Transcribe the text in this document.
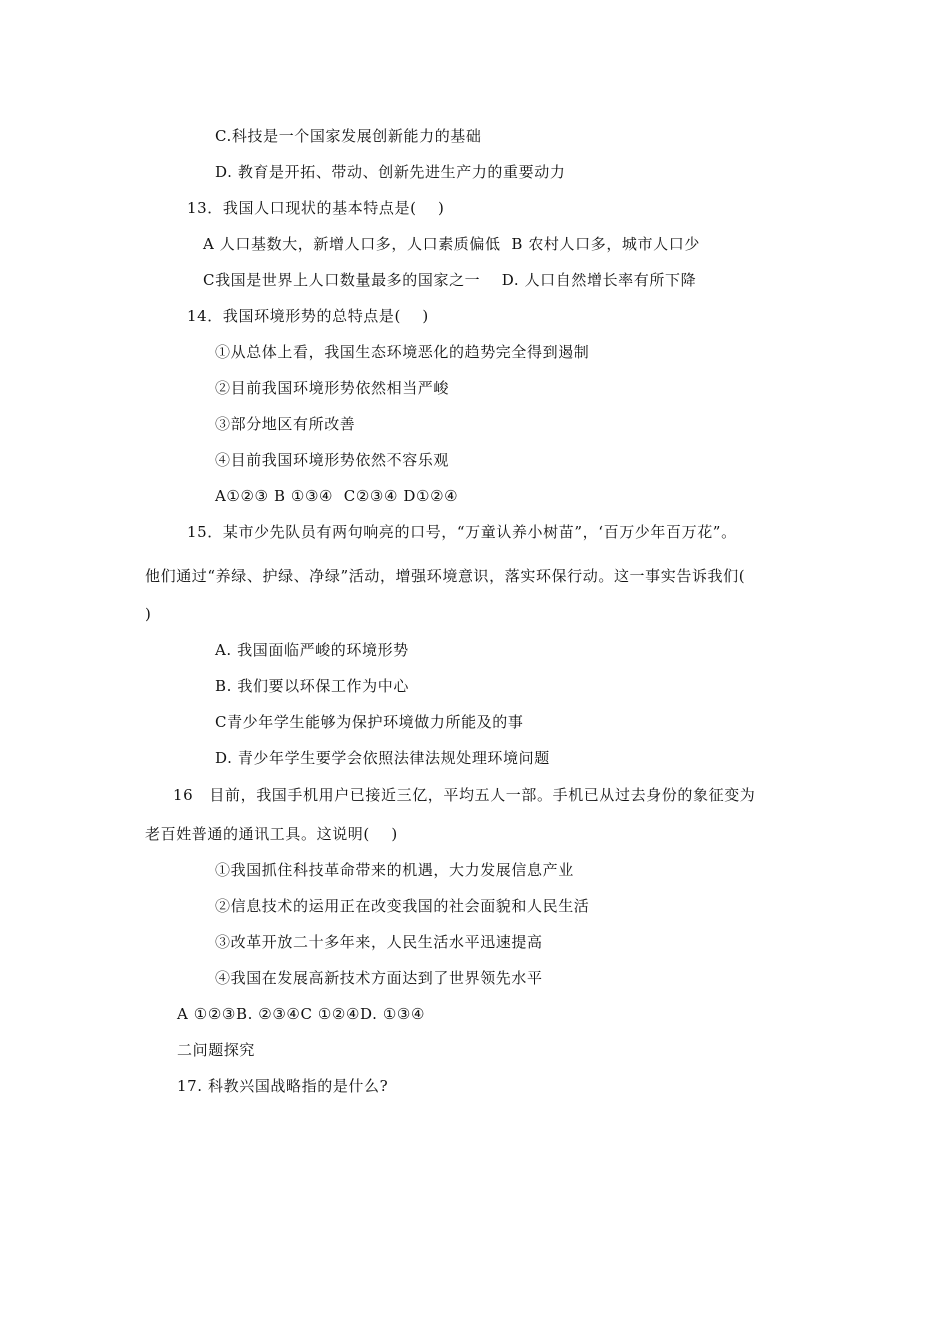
C.科技是一个国家发展创新能力的基础
D. 教育是开拓、带动、创新先进生产力的重要动力
13．我国人口现状的基本特点是(    )
A 人口基数大，新增人口多，人口素质偏低  B 农村人口多，城市人口少
C我国是世界上人口数量最多的国家之一    D. 人口自然增长率有所下降
14．我国环境形势的总特点是(    )
①从总体上看，我国生态环境恶化的趋势完全得到遏制
②目前我国环境形势依然相当严峻
③部分地区有所改善
④目前我国环境形势依然不容乐观
A①②③ B ①③④  C②③④ D①②④
15．某市少先队员有两句响亮的口号，“万童认养小树苗”，‘百万少年百万花”。
他们通过“养绿、护绿、净绿”活动，增强环境意识，落实环保行动。这一事实告诉我们(
)
A. 我国面临严峻的环境形势
B. 我们要以环保工作为中心
C青少年学生能够为保护环境做力所能及的事
D. 青少年学生要学会依照法律法规处理环境问题
16   目前，我国手机用户已接近三亿，平均五人一部。手机已从过去身份的象征变为
老百姓普通的通讯工具。这说明(    )
①我国抓住科技革命带来的机遇，大力发展信息产业
②信息技术的运用正在改变我国的社会面貌和人民生活
③改革开放二十多年来，人民生活水平迅速提高
④我国在发展高新技术方面达到了世界领先水平
A ①②③B. ②③④C ①②④D. ①③④
二问题探究
17. 科教兴国战略指的是什么?
